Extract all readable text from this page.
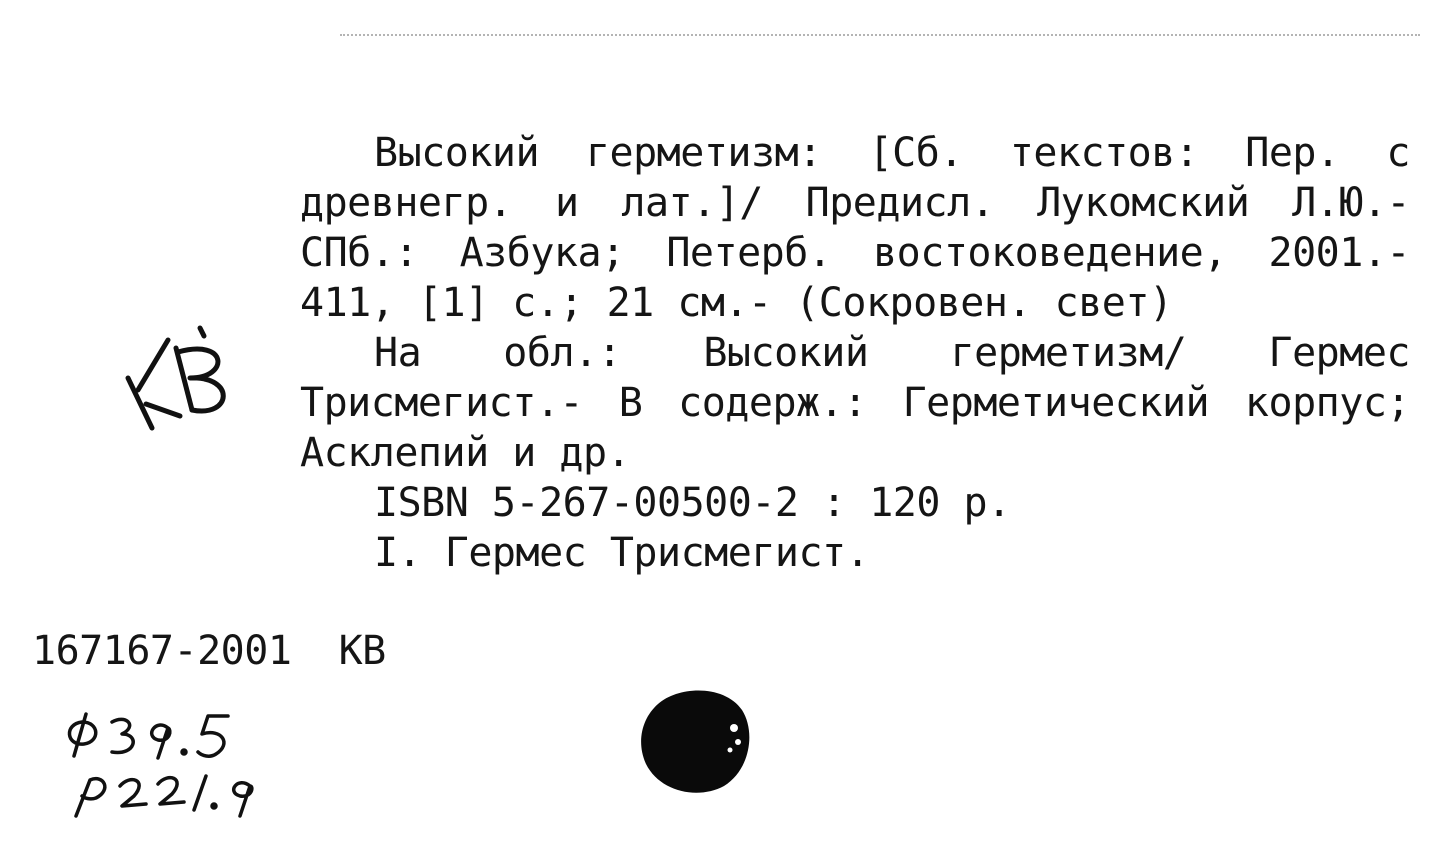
Высокий герметизм: [Сб. текстов: Пер. с древнегр. и лат.]/ Предисл. Лукомский Л.Ю.- СПб.: Азбука; Петерб. востоковедение, 2001.- 411, [1] с.; 21 см.- (Сокровен. свет)

На обл.: Высокий герметизм/ Гермес Трисмегист.- В содерж.: Герметический корпус; Асклепий и др.

ISBN 5-267-00500-2 : 120 р.

I. Гермес Трисмегист.

167167-2001  КВ
